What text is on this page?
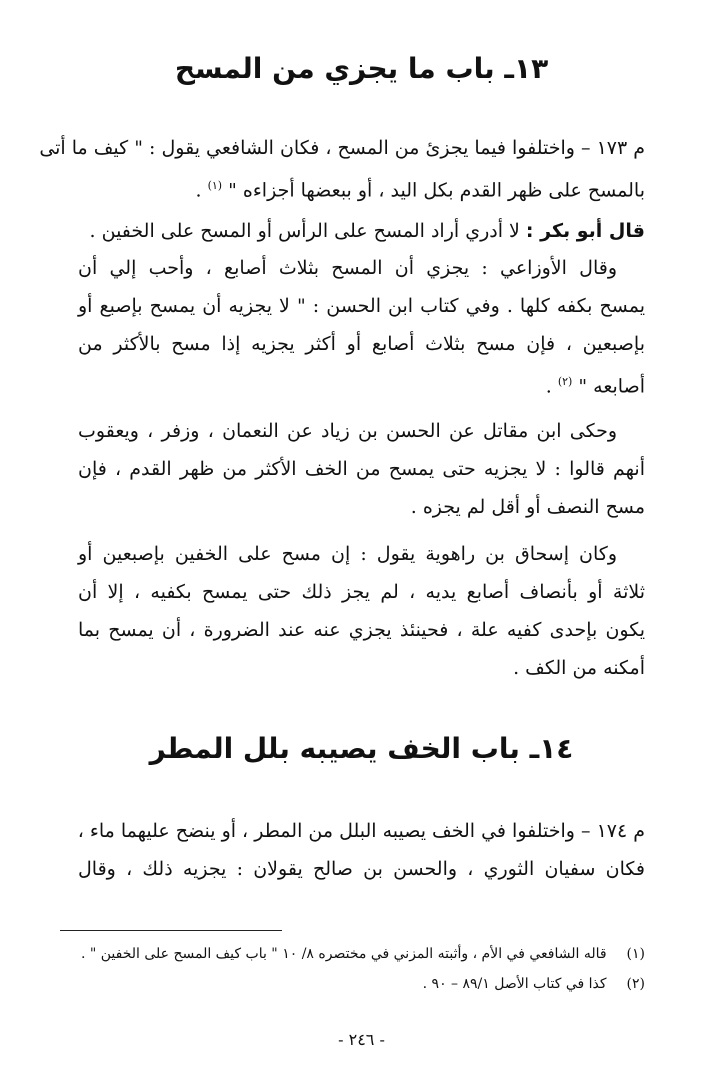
١٣ـ باب ما يجزي من المسح
م ١٧٣ – واختلفوا فيما يجزئ من المسح ، فكان الشافعي يقول : " كيف ما أتى
بالمسح على ظهر القدم بكل اليد ، أو ببعضها أجزاءه " $^{(١)}$ .
قال أبو بكر : لا أدري أراد المسح على الرأس أو المسح على الخفين .
وقال الأوزاعي : يجزي أن المسح بثلاث أصابع ، وأحب إلي أن
يمسح بكفه كلها . وفي كتاب ابن الحسن : " لا يجزيه أن يمسح بإصبع أو
بإصبعين ، فإن مسح بثلاث أصابع أو أكثر يجزيه إذا مسح بالأكثر من
أصابعه " $^{(٢)}$ .
وحكى ابن مقاتل عن الحسن بن زياد عن النعمان ، وزفر ، ويعقوب
أنهم قالوا : لا يجزيه حتى يمسح من الخف الأكثر من ظهر القدم ، فإن
مسح النصف أو أقل لم يجزه .
وكان إسحاق بن راهوية يقول : إن مسح على الخفين بإصبعين أو
ثلاثة أو بأنصاف أصابع يديه ، لم يجز ذلك حتى يمسح بكفيه ، إلا أن
يكون بإحدى كفيه علة ، فحينئذ يجزي عنه عند الضرورة ، أن يمسح بما
أمكنه من الكف .
١٤ـ باب الخف يصيبه بلل المطر
م ١٧٤ – واختلفوا في الخف يصيبه البلل من المطر ، أو ينضح عليهما ماء ،
فكان سفيان الثوري ، والحسن بن صالح يقولان : يجزيه ذلك ، وقال
(١) قاله الشافعي في الأم ، وأثبته المزني في مختصره ٨/ ١٠ " باب كيف المسح على الخفين " .
(٢) كذا في كتاب الأصل ٨٩/١ – ٩٠ .
- ٢٤٦ -
